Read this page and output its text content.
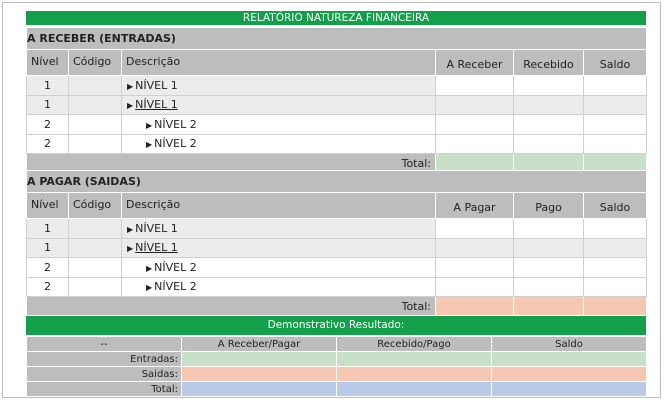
RELATÓRIO NATUREZA FINANCEIRA
A RECEBER (ENTRADAS)					
Nível	Código	Descrição	A Receber	Recebido	Saldo
1		▶ NÍVEL 1			
1		▶ NÍVEL 1			
2		▶ NÍVEL 2			
2		▶ NÍVEL 2			
Total:					
A PAGAR (SAIDAS)					
Nível	Código	Descrição	A Pagar	Pago	Saldo
1		▶ NÍVEL 1			
1		▶ NÍVEL 1			
2		▶ NÍVEL 2			
2		▶ NÍVEL 2			
Total:					
Demonstrativo Resultado:
--	A Receber/Pagar	Recebido/Pago	Saldo
Entradas:			
Saidas:			
Total:			
